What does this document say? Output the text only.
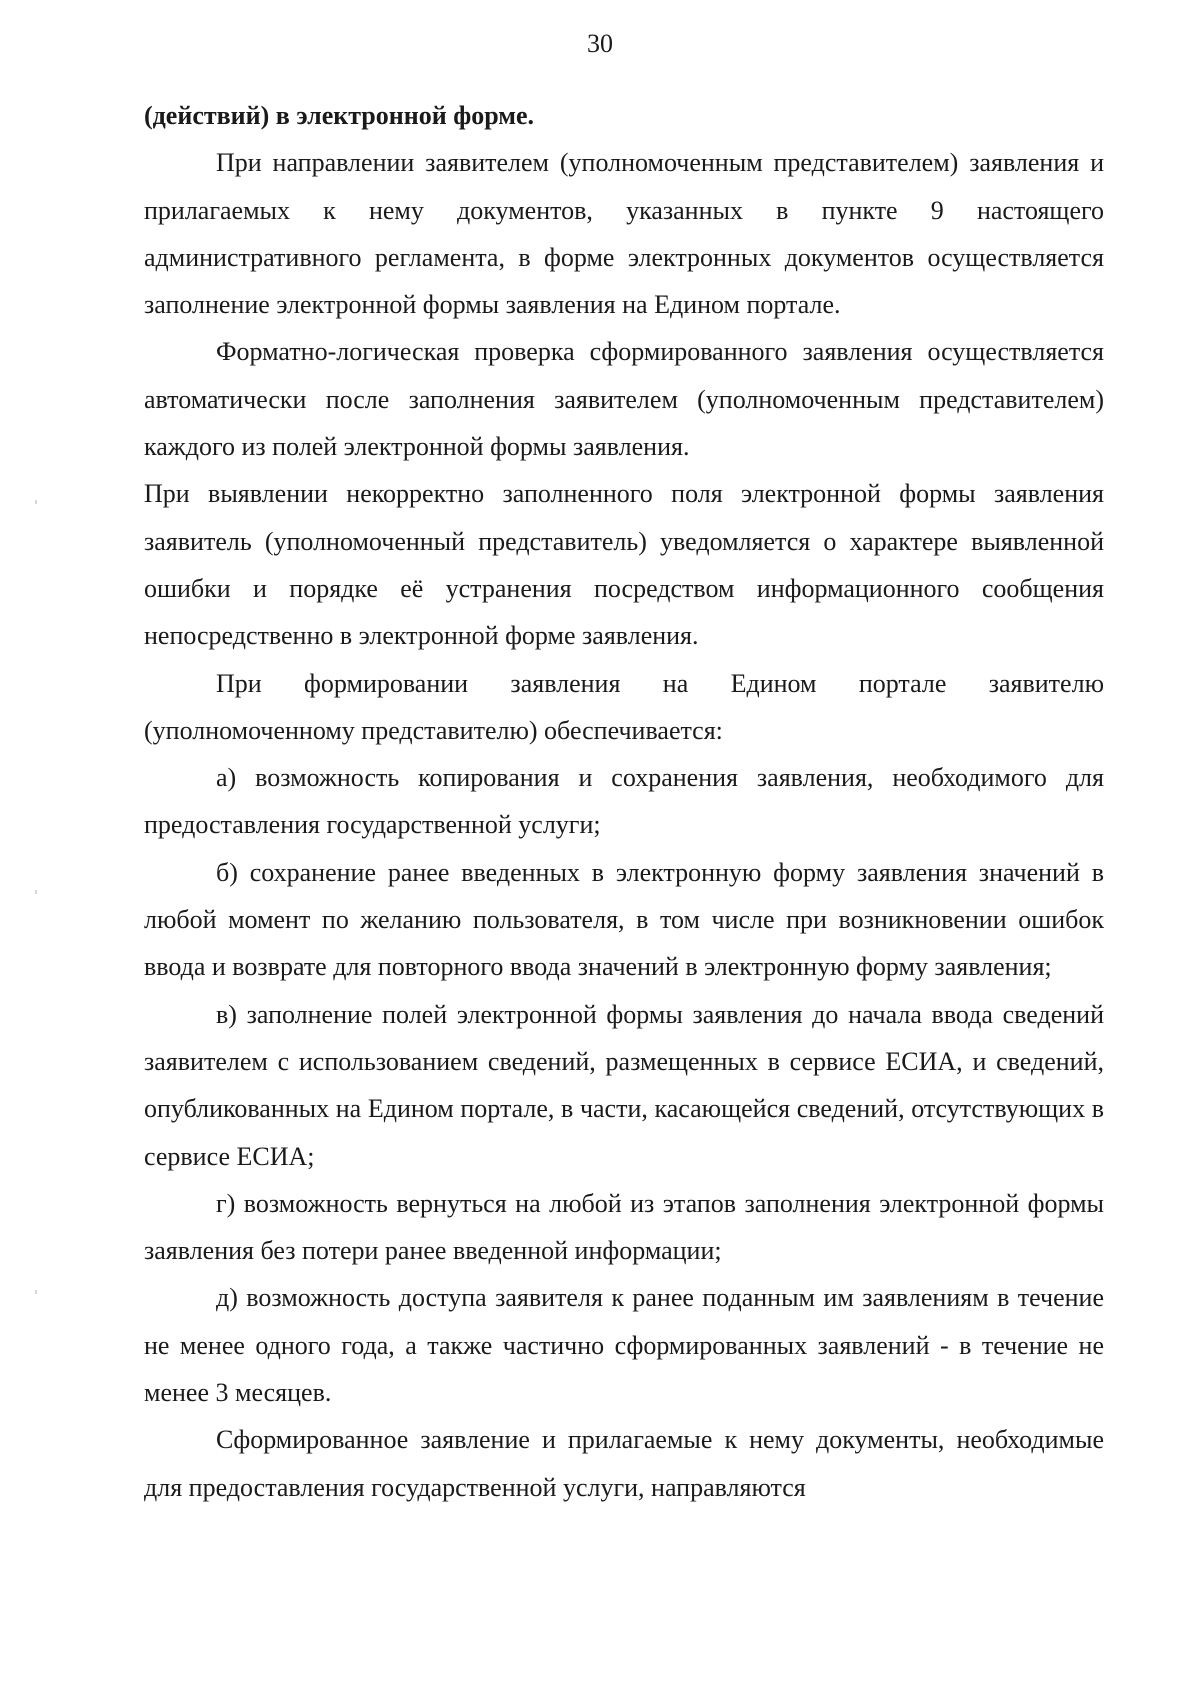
30

(действий) в электронной форме.

При направлении заявителем (уполномоченным представителем) заявления и прилагаемых к нему документов, указанных в пункте 9 настоящего административного регламента, в форме электронных документов осуществляется заполнение электронной формы заявления на Едином портале.

Форматно-логическая проверка сформированного заявления осуществляется автоматически после заполнения заявителем (уполномоченным представителем) каждого из полей электронной формы заявления.

При выявлении некорректно заполненного поля электронной формы заявления заявитель (уполномоченный представитель) уведомляется о характере выявленной ошибки и порядке её устранения посредством информационного сообщения непосредственно в электронной форме заявления.

При формировании заявления на Едином портале заявителю (уполномоченному представителю) обеспечивается:

а) возможность копирования и сохранения заявления, необходимого для предоставления государственной услуги;

б) сохранение ранее введенных в электронную форму заявления значений в любой момент по желанию пользователя, в том числе при возникновении ошибок ввода и возврате для повторного ввода значений в электронную форму заявления;

в) заполнение полей электронной формы заявления до начала ввода сведений заявителем с использованием сведений, размещенных в сервисе ЕСИА, и сведений, опубликованных на Едином портале, в части, касающейся сведений, отсутствующих в сервисе ЕСИА;

г) возможность вернуться на любой из этапов заполнения электронной формы заявления без потери ранее введенной информации;

д) возможность доступа заявителя к ранее поданным им заявлениям в течение не менее одного года, а также частично сформированных заявлений - в течение не менее 3 месяцев.

Сформированное заявление и прилагаемые к нему документы, необходимые для предоставления государственной услуги, направляются
